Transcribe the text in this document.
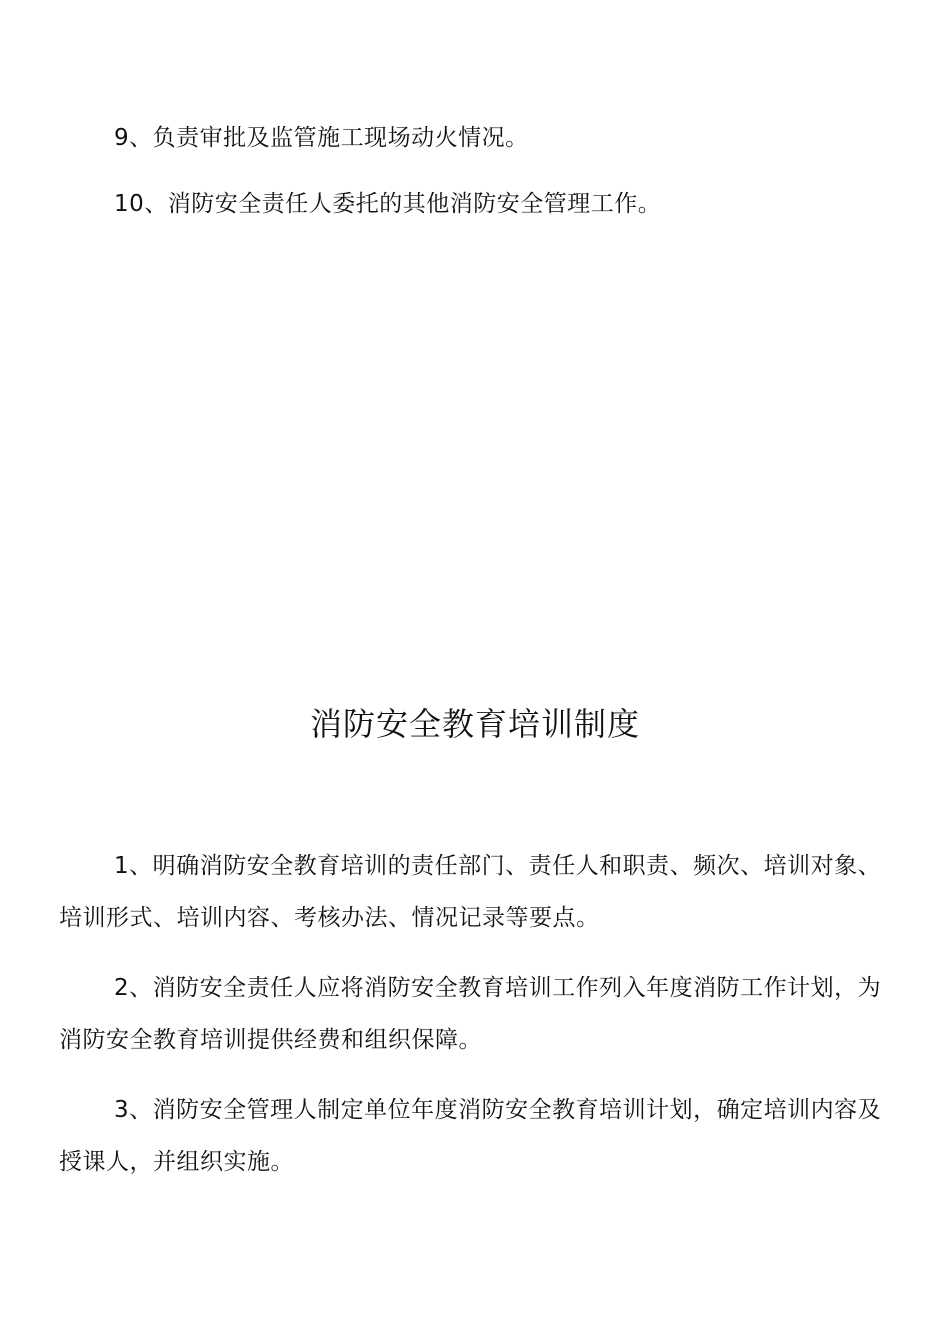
9、负责审批及监管施工现场动火情况。

10、消防安全责任人委托的其他消防安全管理工作。

消防安全教育培训制度

1、明确消防安全教育培训的责任部门、责任人和职责、频次、培训对象、培训形式、培训内容、考核办法、情况记录等要点。

2、消防安全责任人应将消防安全教育培训工作列入年度消防工作计划，为消防安全教育培训提供经费和组织保障。

3、消防安全管理人制定单位年度消防安全教育培训计划，确定培训内容及授课人，并组织实施。
